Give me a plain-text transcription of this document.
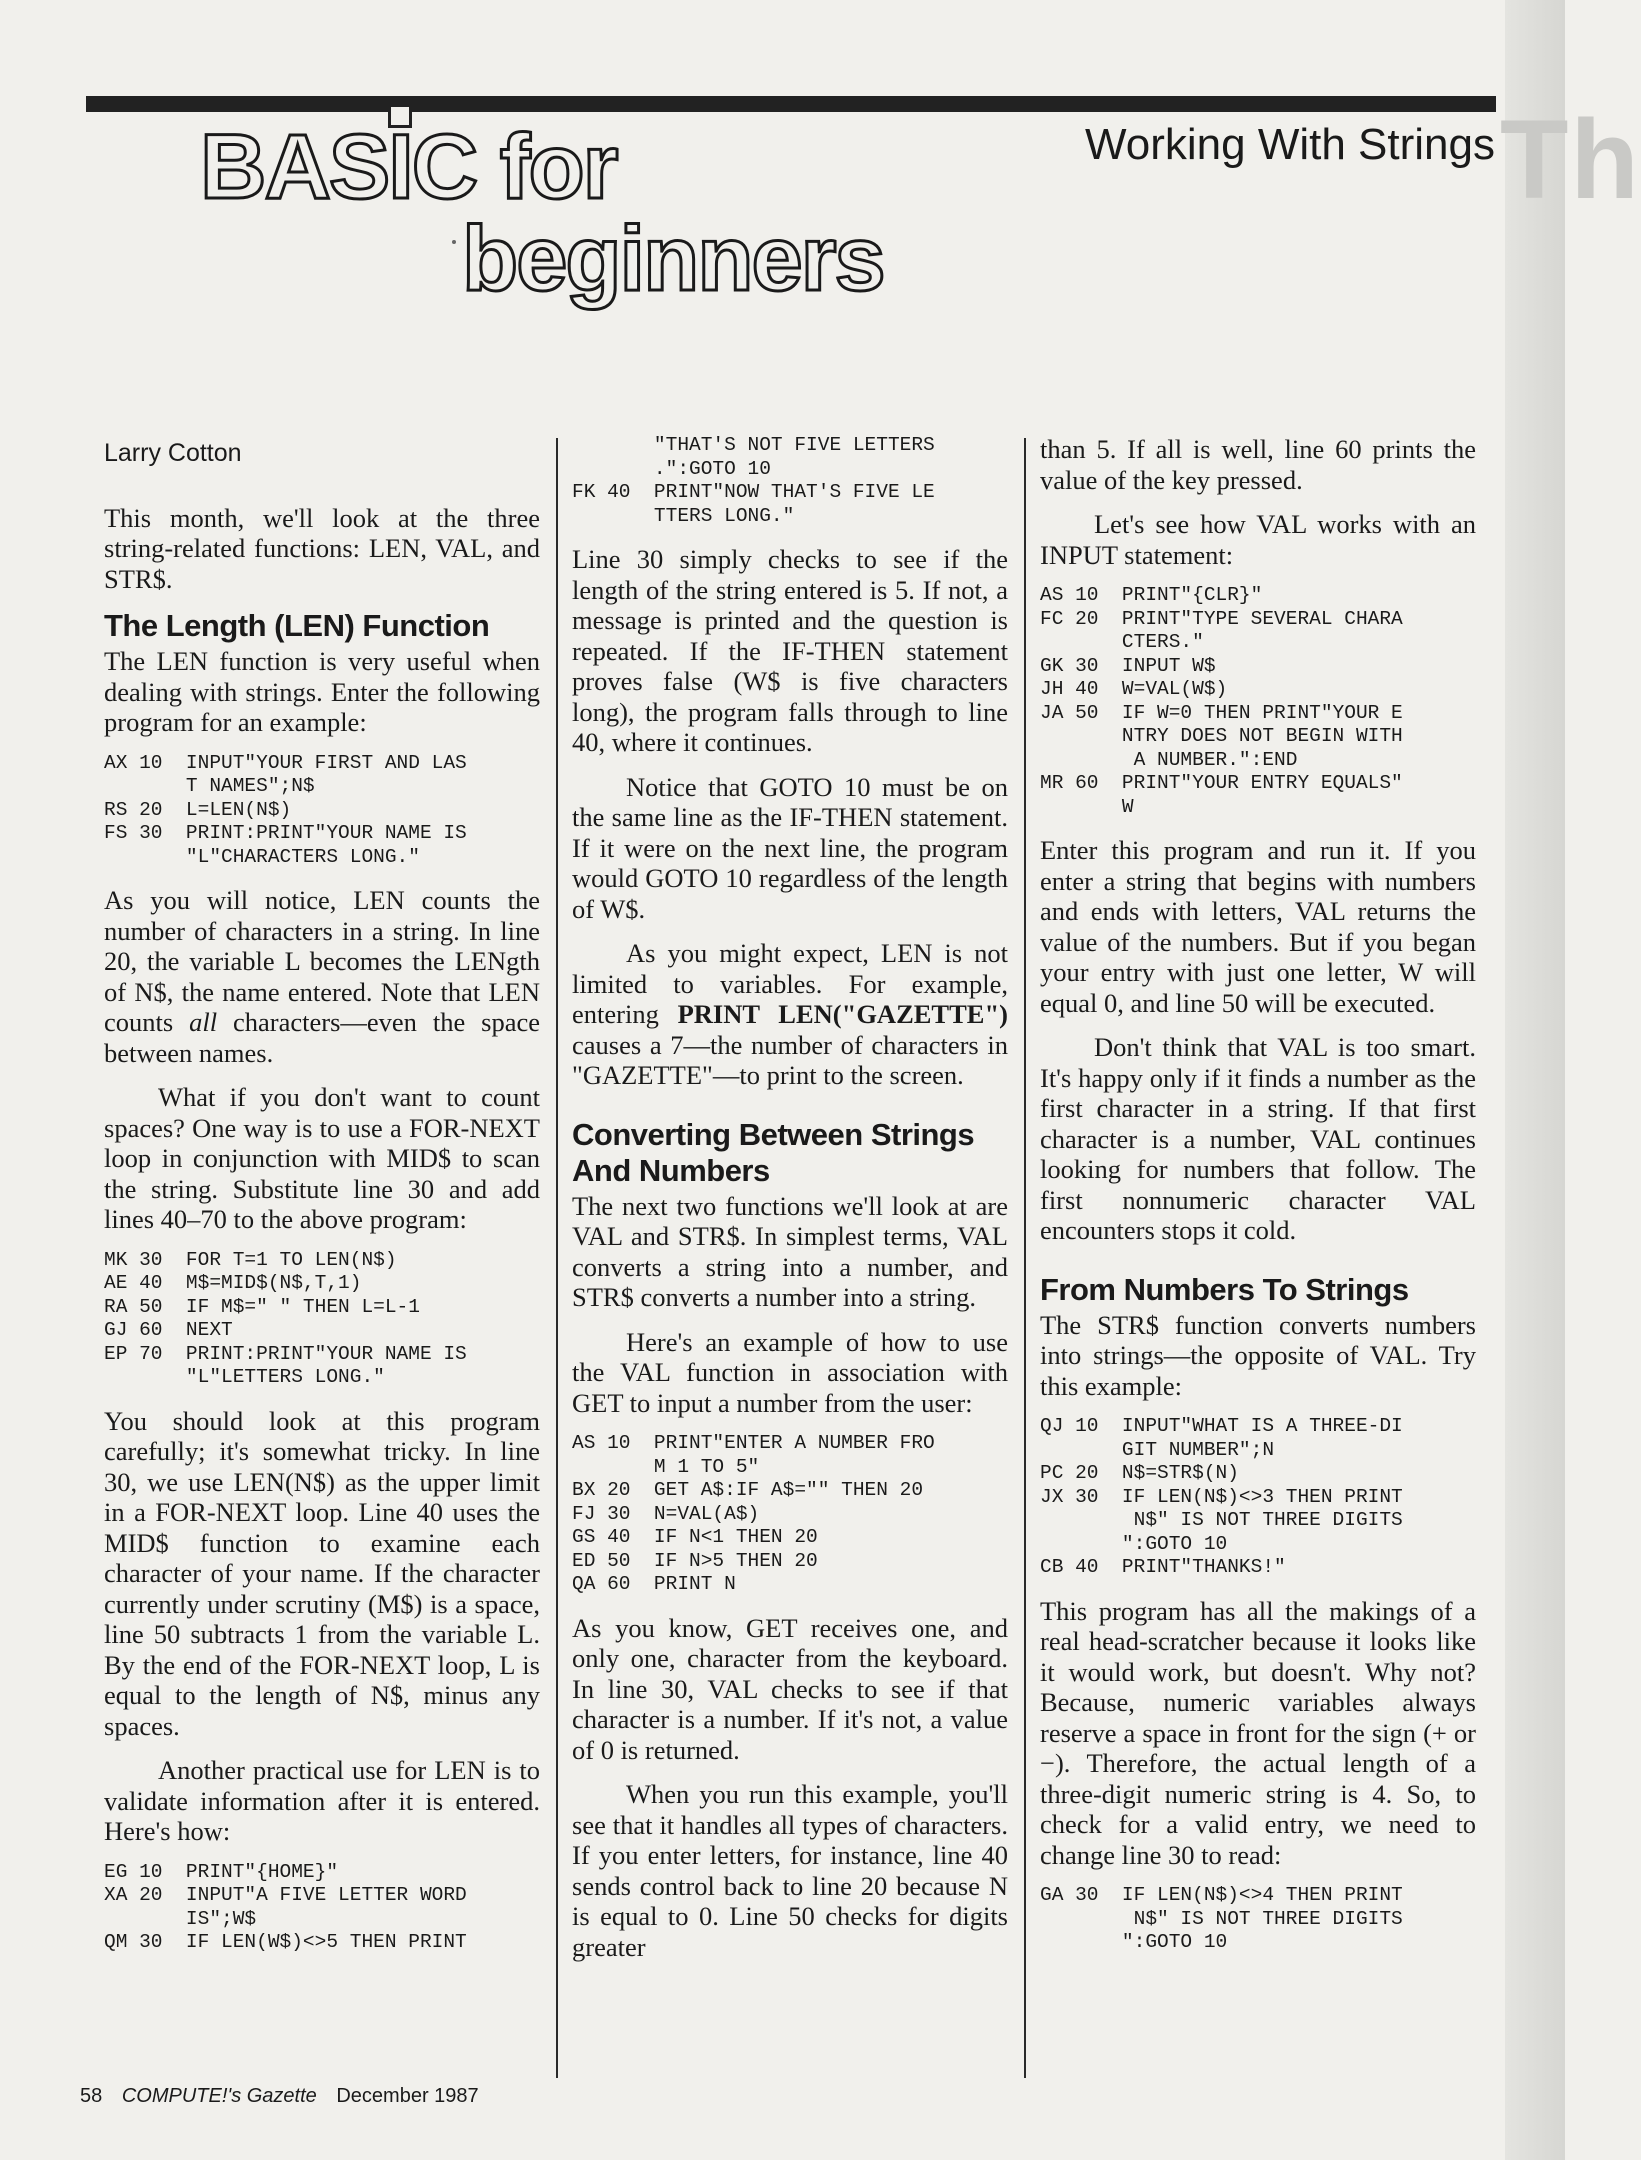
Th
BASIC for
beginners
Working With Strings

Larry Cotton

This month, we'll look at the three string-related functions: LEN, VAL, and STR$.

The Length (LEN) Function

The LEN function is very useful when dealing with strings. Enter the following program for an example:

AX 10  INPUT"YOUR FIRST AND LAS
T NAMES";N$
RS 20  L=LEN(N$)
FS 30  PRINT:PRINT"YOUR NAME IS
"L"CHARACTERS LONG."

As you will notice, LEN counts the number of characters in a string. In line 20, the variable L becomes the LENgth of N$, the name entered. Note that LEN counts all characters—even the space between names.

What if you don't want to count spaces? One way is to use a FOR-NEXT loop in conjunction with MID$ to scan the string. Substitute line 30 and add lines 40–70 to the above program:

MK 30  FOR T=1 TO LEN(N$)
AE 40  M$=MID$(N$,T,1)
RA 50  IF M$=" " THEN L=L-1
GJ 60  NEXT
EP 70  PRINT:PRINT"YOUR NAME IS
"L"LETTERS LONG."

You should look at this program carefully; it's somewhat tricky. In line 30, we use LEN(N$) as the upper limit in a FOR-NEXT loop. Line 40 uses the MID$ function to examine each character of your name. If the character currently under scrutiny (M$) is a space, line 50 subtracts 1 from the variable L. By the end of the FOR-NEXT loop, L is equal to the length of N$, minus any spaces.

Another practical use for LEN is to validate information after it is entered. Here's how:

EG 10  PRINT"{HOME}"
XA 20  INPUT"A FIVE LETTER WORD
IS";W$
QM 30  IF LEN(W$)<>5 THEN PRINT
"THAT'S NOT FIVE LETTERS
.":GOTO 10
FK 40  PRINT"NOW THAT'S FIVE LE
TTERS LONG."

Line 30 simply checks to see if the length of the string entered is 5. If not, a message is printed and the question is repeated. If the IF-THEN statement proves false (W$ is five characters long), the program falls through to line 40, where it continues.

Notice that GOTO 10 must be on the same line as the IF-THEN statement. If it were on the next line, the program would GOTO 10 regardless of the length of W$.

As you might expect, LEN is not limited to variables. For example, entering PRINT LEN("GAZETTE") causes a 7—the number of characters in "GAZETTE"—to print to the screen.

Converting Between Strings And Numbers

The next two functions we'll look at are VAL and STR$. In simplest terms, VAL converts a string into a number, and STR$ converts a number into a string.

Here's an example of how to use the VAL function in association with GET to input a number from the user:

AS 10  PRINT"ENTER A NUMBER FRO
M 1 TO 5"
BX 20  GET A$:IF A$="" THEN 20
FJ 30  N=VAL(A$)
GS 40  IF N<1 THEN 20
ED 50  IF N>5 THEN 20
QA 60  PRINT N

As you know, GET receives one, and only one, character from the keyboard. In line 30, VAL checks to see if that character is a number. If it's not, a value of 0 is returned.

When you run this example, you'll see that it handles all types of characters. If you enter letters, for instance, line 40 sends control back to line 20 because N is equal to 0. Line 50 checks for digits greater

than 5. If all is well, line 60 prints the value of the key pressed.

Let's see how VAL works with an INPUT statement:

AS 10  PRINT"{CLR}"
FC 20  PRINT"TYPE SEVERAL CHARA
CTERS."
GK 30  INPUT W$
JH 40  W=VAL(W$)
JA 50  IF W=0 THEN PRINT"YOUR E
NTRY DOES NOT BEGIN WITH
A NUMBER.":END
MR 60  PRINT"YOUR ENTRY EQUALS"
W

Enter this program and run it. If you enter a string that begins with numbers and ends with letters, VAL returns the value of the numbers. But if you began your entry with just one letter, W will equal 0, and line 50 will be executed.

Don't think that VAL is too smart. It's happy only if it finds a number as the first character in a string. If that first character is a number, VAL continues looking for numbers that follow. The first nonnumeric character VAL encounters stops it cold.

From Numbers To Strings

The STR$ function converts numbers into strings—the opposite of VAL. Try this example:

QJ 10  INPUT"WHAT IS A THREE-DI
GIT NUMBER";N
PC 20  N$=STR$(N)
JX 30  IF LEN(N$)<>3 THEN PRINT
N$" IS NOT THREE DIGITS
":GOTO 10
CB 40  PRINT"THANKS!"

This program has all the makings of a real head-scratcher because it looks like it would work, but doesn't. Why not? Because, numeric variables always reserve a space in front for the sign (+ or −). Therefore, the actual length of a three-digit numeric string is 4. So, to check for a valid entry, we need to change line 30 to read:

GA 30  IF LEN(N$)<>4 THEN PRINT
N$" IS NOT THREE DIGITS
":GOTO 10
58 COMPUTE!'s Gazette December 1987
